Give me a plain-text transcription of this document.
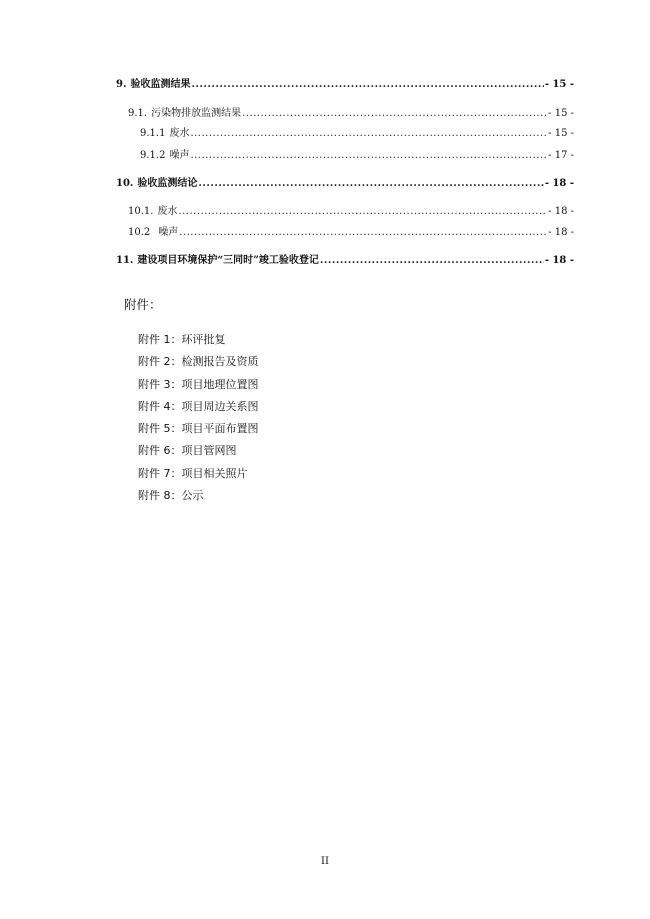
9. 验收监测结果 .....	- 15 -
9.1. 污染物排放监测结果 .....	- 15 -
9.1.1 废水 .....	- 15 -
9.1.2 噪声 .....	- 17 -
10. 验收监测结论 .....	- 18 -
10.1. 废水 .....	- 18 -
10.2 噪声 .....	- 18 -
11. 建设项目环境保护“三同时”竣工验收登记 .....	- 18 -
附件：
附件 1：环评批复
附件 2：检测报告及资质
附件 3：项目地理位置图
附件 4：项目周边关系图
附件 5：项目平面布置图
附件 6：项目管网图
附件 7：项目相关照片
附件 8：公示
II
